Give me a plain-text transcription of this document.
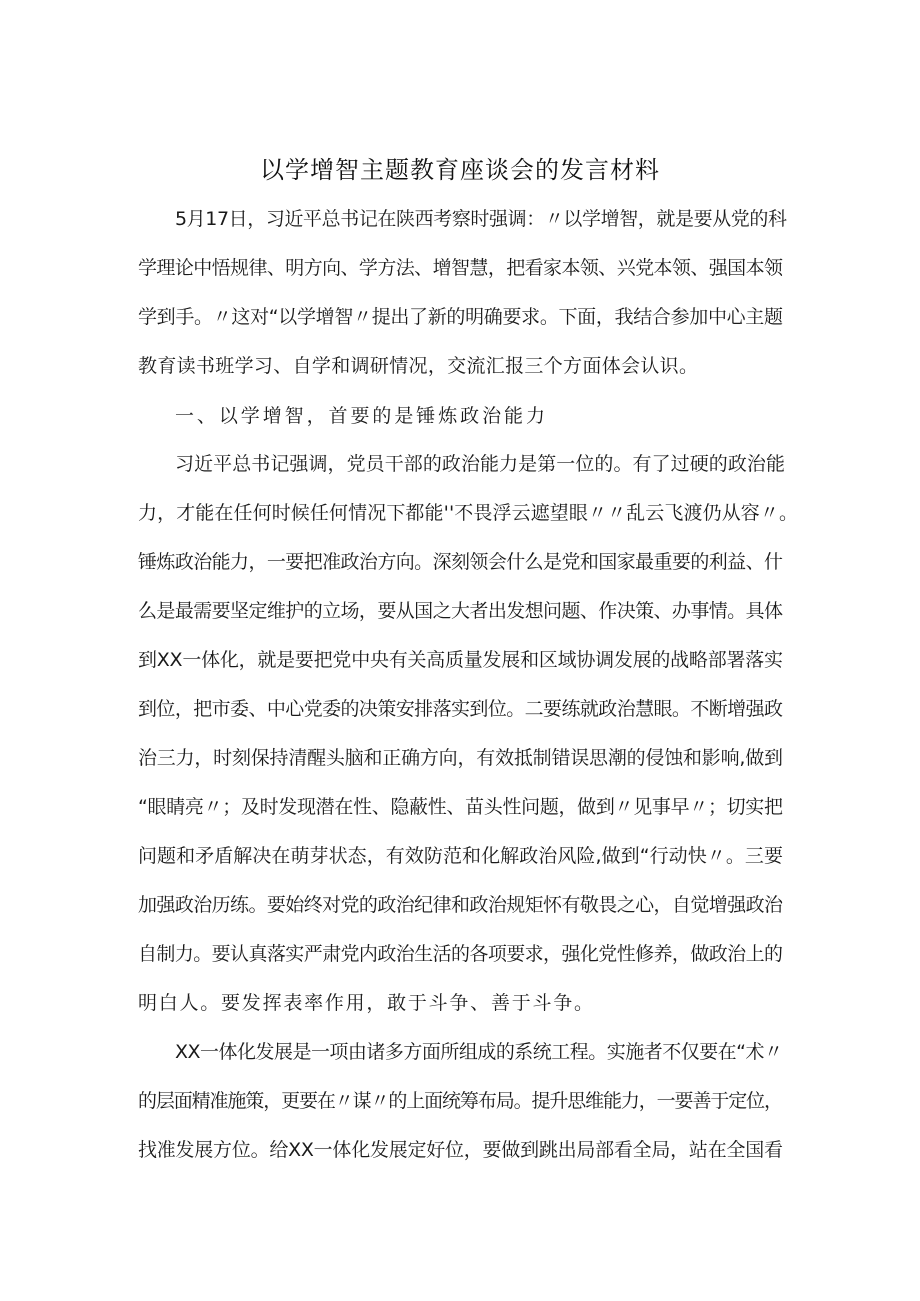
以学增智主题教育座谈会的发言材料
5月17日，习近平总书记在陕西考察时强调：〃以学增智，就是要从党的科
学理论中悟规律、明方向、学方法、增智慧，把看家本领、兴党本领、强国本领
学到手。〃这对“以学增智〃提出了新的明确要求。下面，我结合参加中心主题
教育读书班学习、自学和调研情况，交流汇报三个方面体会认识。
一、以学增智，首要的是锤炼政治能力
习近平总书记强调，党员干部的政治能力是第一位的。有了过硬的政治能
力，才能在任何时候任何情况下都能''不畏浮云遮望眼〃〃乱云飞渡仍从容〃。
锤炼政治能力，一要把准政治方向。深刻领会什么是党和国家最重要的利益、什
么是最需要坚定维护的立场，要从国之大者出发想问题、作决策、办事情。具体
到XX一体化，就是要把党中央有关高质量发展和区域协调发展的战略部署落实
到位，把市委、中心党委的决策安排落实到位。二要练就政治慧眼。不断增强政
治三力，时刻保持清醒头脑和正确方向，有效抵制错误思潮的侵蚀和影响,做到
“眼睛亮〃；及时发现潜在性、隐蔽性、苗头性问题，做到〃见事早〃；切实把
问题和矛盾解决在萌芽状态，有效防范和化解政治风险,做到“行动快〃。三要
加强政治历练。要始终对党的政治纪律和政治规矩怀有敬畏之心，自觉增强政治
自制力。要认真落实严肃党内政治生活的各项要求，强化党性修养，做政治上的
明白人。要发挥表率作用，敢于斗争、善于斗争。
XX一体化发展是一项由诸多方面所组成的系统工程。实施者不仅要在“术〃
的层面精准施策，更要在〃谋〃的上面统筹布局。提升思维能力，一要善于定位，
找准发展方位。给XX一体化发展定好位，要做到跳出局部看全局，站在全国看
